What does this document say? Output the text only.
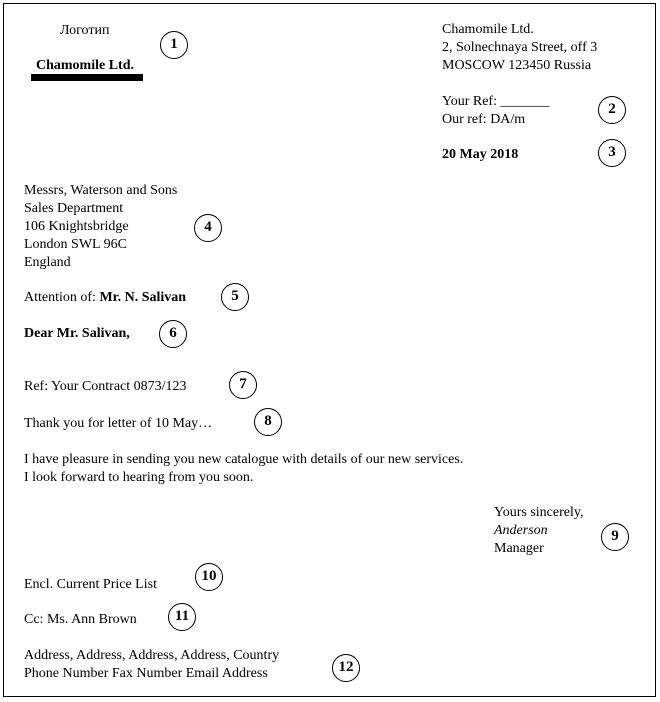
Логотип
Chamomile Ltd.
Chamomile Ltd.
2, Solnechnaya Street, off 3
MOSCOW 123450 Russia
Your Ref: _______
Our ref: DA/m
20 May 2018
Messrs, Waterson and Sons
Sales Department
106 Knightsbridge
London SWL 96C
England
Attention of: Mr. N. Salivan
Dear Mr. Salivan,
Ref: Your Contract 0873/123
Thank you for letter of 10 May…
I have pleasure in sending you new catalogue with details of our new services.
I look forward to hearing from you soon.
Yours sincerely,
Anderson
Manager
Encl. Current Price List
Cc: Ms. Ann Brown
Address, Address, Address, Address, Country
Phone Number Fax Number Email Address
1
2
3
4
5
6
7
8
9
10
11
12
